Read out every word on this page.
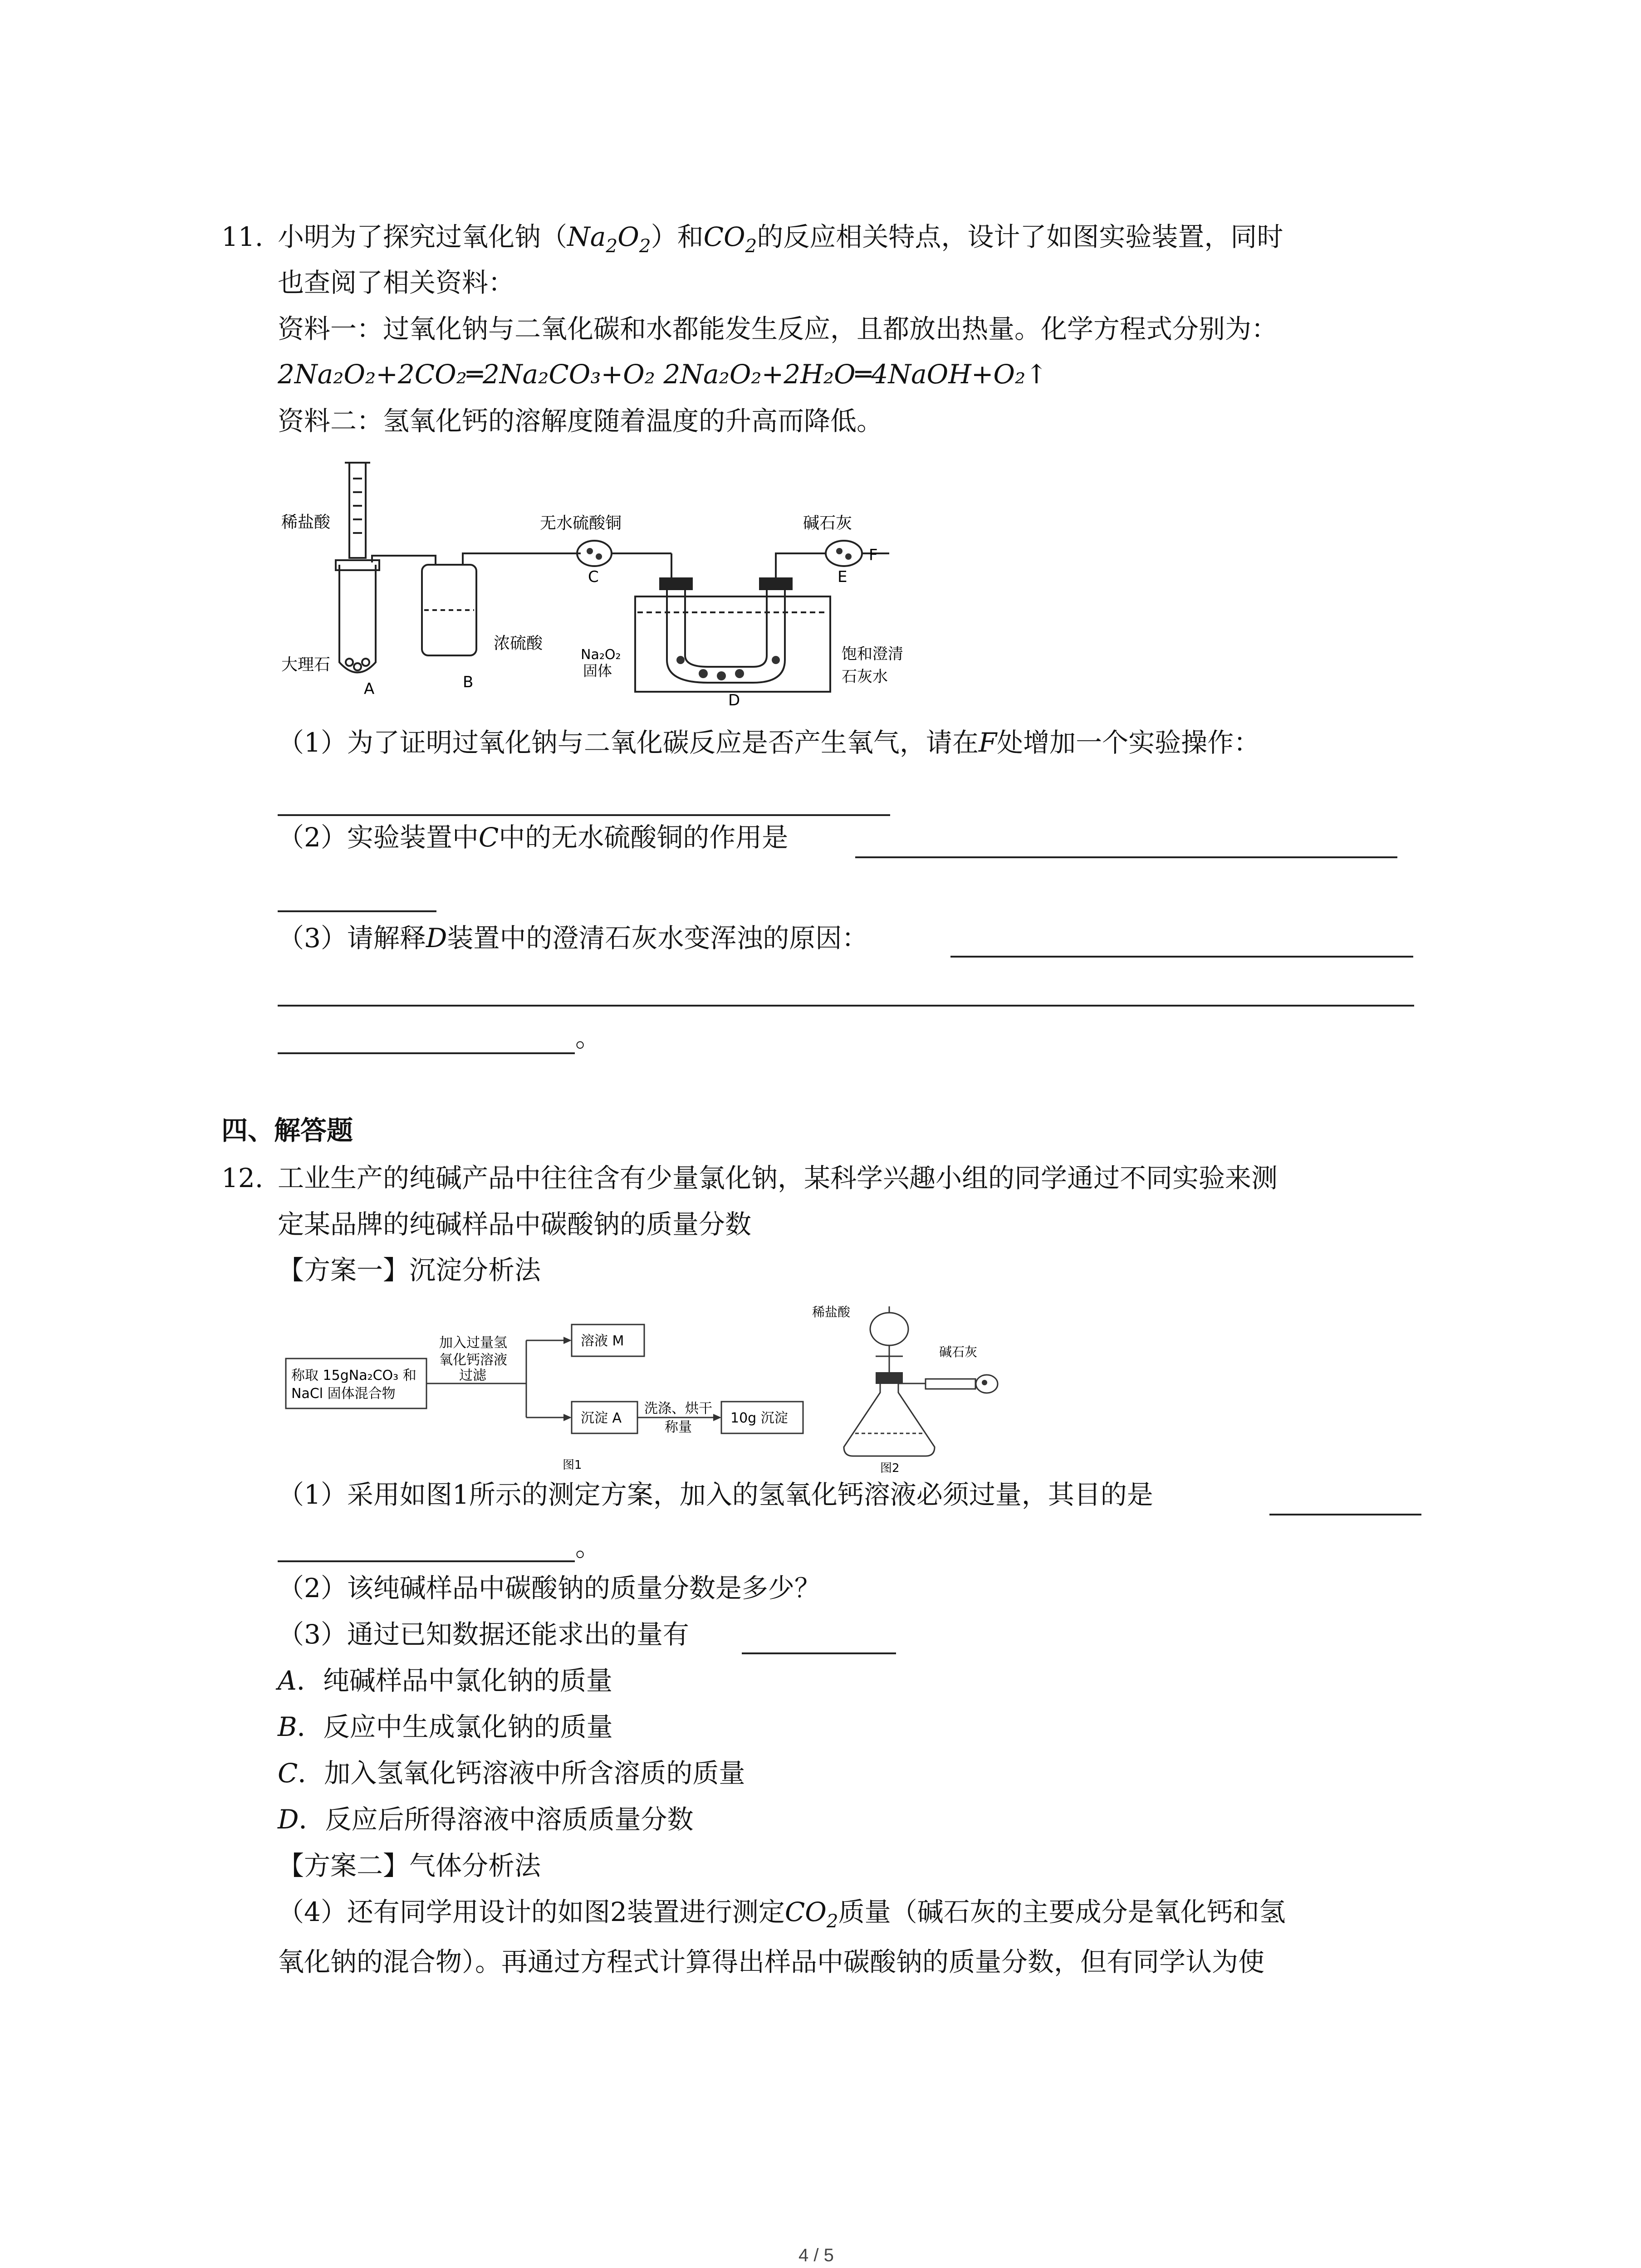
11. 小明为了探究过氧化钠$(Na_2O_2)$和$CO_2$的反应相关特点，设计了如图实验装置，同时
也查阅了相关资料：
资料一：过氧化钠与二氧化碳和水都能发生反应，且都放出热量。化学方程式分别为：
2Na₂O₂+2CO₂═2Na₂CO₃+O₂ 2Na₂O₂+2H₂O═4NaOH+O₂↑
资料二：氢氧化钙的溶解度随着温度的升高而降低。
稀盐酸	无水硫酸铜	碱石灰
F
大理石
A	B
浓硫酸
C	E
Na₂O₂
固体
D
饱和澄清
石灰水
（1）为了证明过氧化钠与二氧化碳反应是否产生氧气，请在F处增加一个实验操作：
（2）实验装置中C中的无水硫酸铜的作用是
（3）请解释D装置中的澄清石灰水变浑浊的原因：
。
四、解答题
12. 工业生产的纯碱产品中往往含有少量氯化钠，某科学兴趣小组的同学通过不同实验来测
定某品牌的纯碱样品中碳酸钠的质量分数
【方案一】沉淀分析法
称取 15gNa₂CO₃ 和
NaCl 固体混合物
加入过量氢
氧化钙溶液
过滤
溶液 M
沉淀 A
洗涤、烘干
称量
10g 沉淀
图1
稀盐酸
碱石灰
图2
（1）采用如图1所示的测定方案，加入的氢氧化钙溶液必须过量，其目的是
。
（2）该纯碱样品中碳酸钠的质量分数是多少？
（3）通过已知数据还能求出的量有
A．纯碱样品中氯化钠的质量
B．反应中生成氯化钠的质量
C．加入氢氧化钙溶液中所含溶质的质量
D．反应后所得溶液中溶质质量分数
【方案二】气体分析法
（4）还有同学用设计的如图2装置进行测定$CO_2$质量（碱石灰的主要成分是氧化钙和氢
氧化钠的混合物）。再通过方程式计算得出样品中碳酸钠的质量分数，但有同学认为使
4 / 5
